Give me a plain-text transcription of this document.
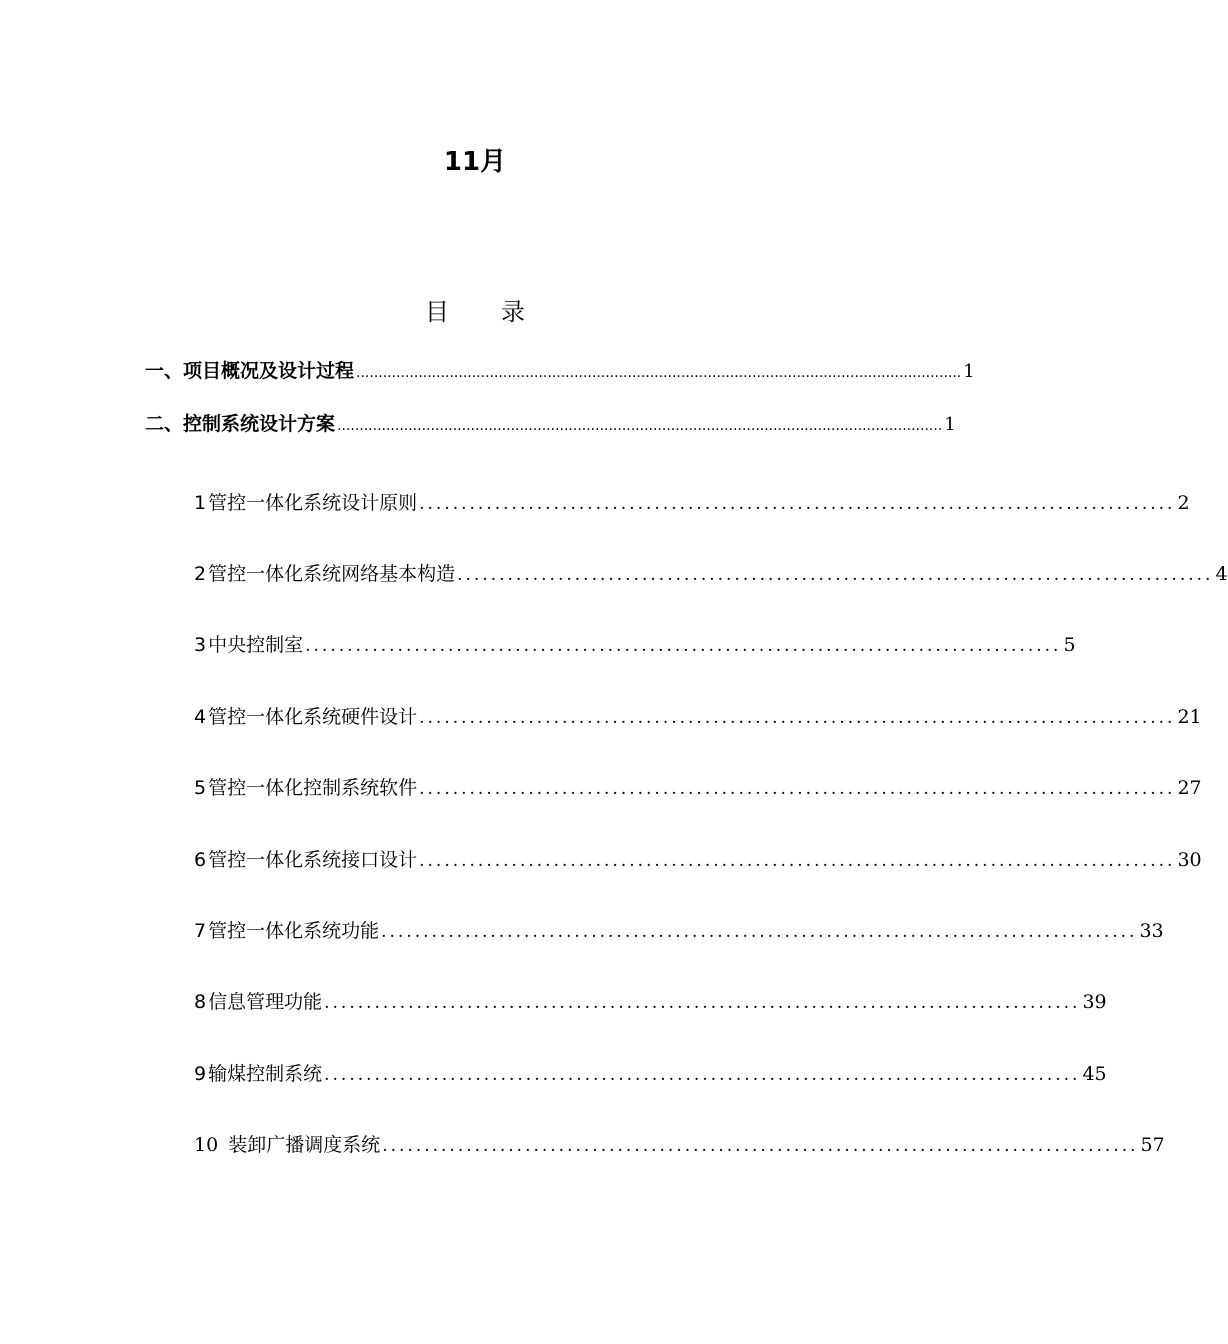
11月
目 录
一、项目概况及设计过程 ........................................................................................................................................ 1
二、控制系统设计方案 ........................................................................................................................................ 1
1 管控一体化系统设计原则 .......................................................................................... 2
2 管控一体化系统网络基本构造 .......................................................................................... 4
3 中央控制室 .......................................................................................... 5
4 管控一体化系统硬件设计 .......................................................................................... 21
5 管控一体化控制系统软件 .......................................................................................... 27
6 管控一体化系统接口设计 .......................................................................................... 30
7 管控一体化系统功能 .......................................................................................... 33
8 信息管理功能 .......................................................................................... 39
9 输煤控制系统 .......................................................................................... 45
10 装卸广播调度系统 .......................................................................................... 57
